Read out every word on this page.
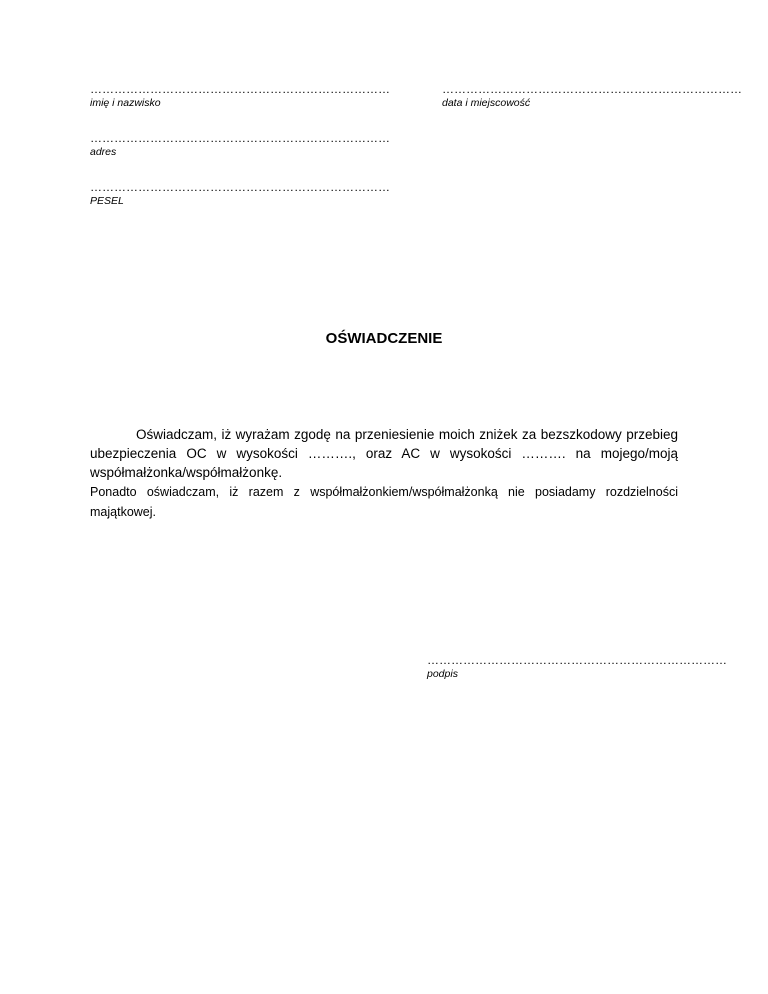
…………………………………………………………………
imię i nazwisko
…………………………………………………………………
data i miejscowość
…………………………………………………………………
adres
…………………………………………………………………
PESEL
OŚWIADCZENIE

Oświadczam, iż wyrażam zgodę na przeniesienie moich zniżek za bezszkodowy przebieg ubezpieczenia OC w wysokości ………., oraz AC w wysokości ………. na mojego/moją współmałżonka/współmałżonkę.

Ponadto oświadczam, iż razem z współmałżonkiem/współmałżonką nie posiadamy rozdzielności majątkowej.

…………………………………………………………………
podpis
